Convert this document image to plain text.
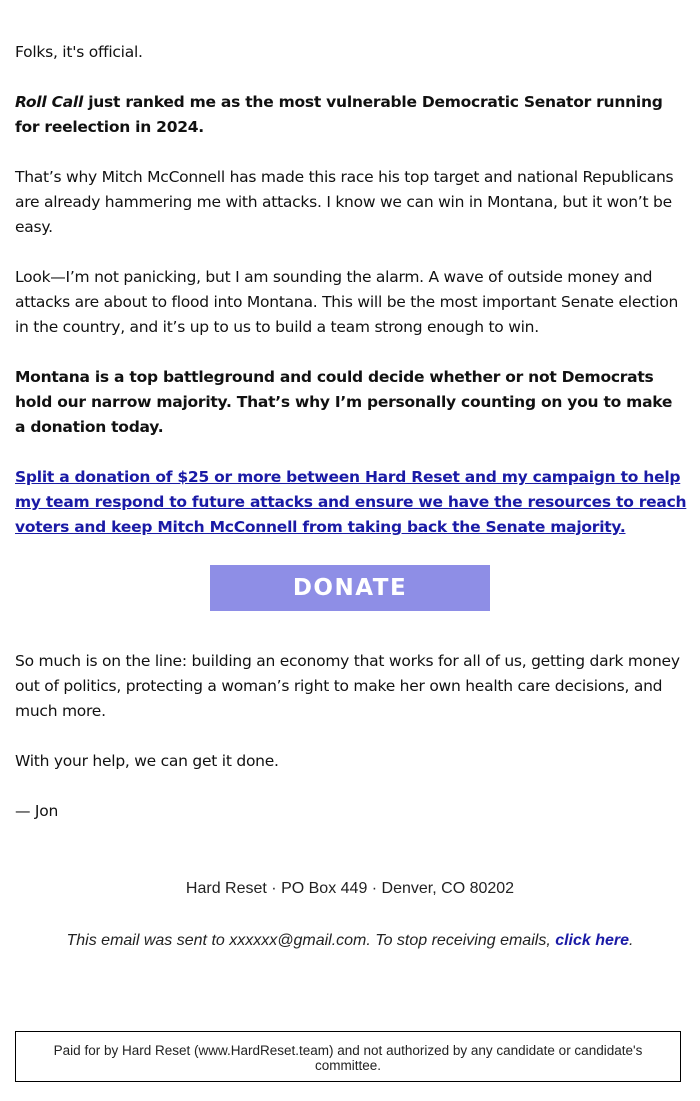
Folks, it's official.

Roll Call just ranked me as the most vulnerable Democratic Senator running for reelection in 2024.

That’s why Mitch McConnell has made this race his top target and national Republicans are already hammering me with attacks. I know we can win in Montana, but it won’t be easy.

Look—I’m not panicking, but I am sounding the alarm. A wave of outside money and attacks are about to flood into Montana. This will be the most important Senate election in the country, and it’s up to us to build a team strong enough to win.

Montana is a top battleground and could decide whether or not Democrats hold our narrow majority. That’s why I’m personally counting on you to make a donation today.

Split a donation of $25 or more between Hard Reset and my campaign to help my team respond to future attacks and ensure we have the resources to reach voters and keep Mitch McConnell from taking back the Senate majority.

DONATE

So much is on the line: building an economy that works for all of us, getting dark money out of politics, protecting a woman’s right to make her own health care decisions, and much more.

With your help, we can get it done.

— Jon

Hard Reset · PO Box 449 · Denver, CO 80202
This email was sent to xxxxxx@gmail.com. To stop receiving emails, click here.
Paid for by Hard Reset (www.HardReset.team) and not authorized by any candidate or candidate's committee.
